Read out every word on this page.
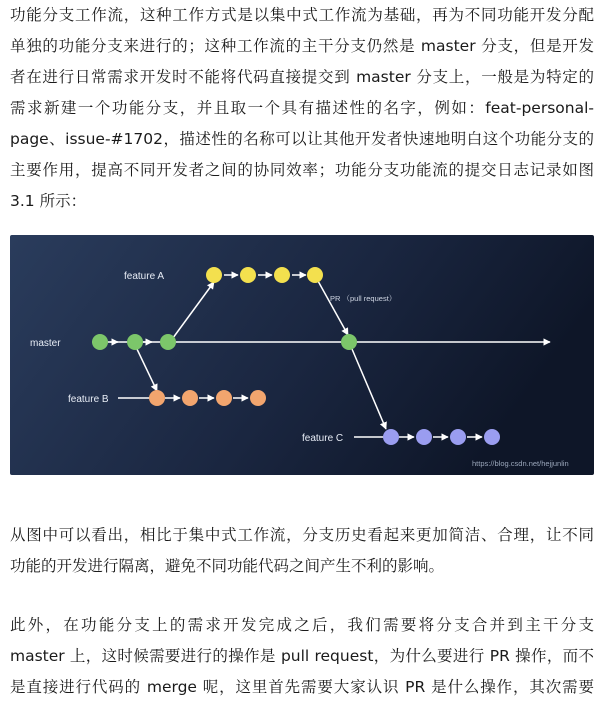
功能分支工作流，这种工作方式是以集中式工作流为基础，再为不同功能开发分配
单独的功能分支来进行的；这种工作流的主干分支仍然是 master 分支，但是开发
者在进行日常需求开发时不能将代码直接提交到 master 分支上，一般是为特定的
需求新建一个功能分支，并且取一个具有描述性的名字，例如：feat-personal-
page、issue-#1702，描述性的名称可以让其他开发者快速地明白这个功能分支的
主要作用，提高不同开发者之间的协同效率；功能分支功能流的提交日志记录如图
3.1 所示：
feature A
master
feature B
feature C
PR （pull request）
https://blog.csdn.net/hejjunlin
从图中可以看出，相比于集中式工作流，分支历史看起来更加简洁、合理，让不同
功能的开发进行隔离，避免不同功能代码之间产生不利的影响。
此外，在功能分支上的需求开发完成之后，我们需要将分支合并到主干分支
master 上，这时候需要进行的操作是 pull request，为什么要进行 PR 操作，而不
是直接进行代码的 merge 呢，这里首先需要大家认识 PR 是什么操作，其次需要
